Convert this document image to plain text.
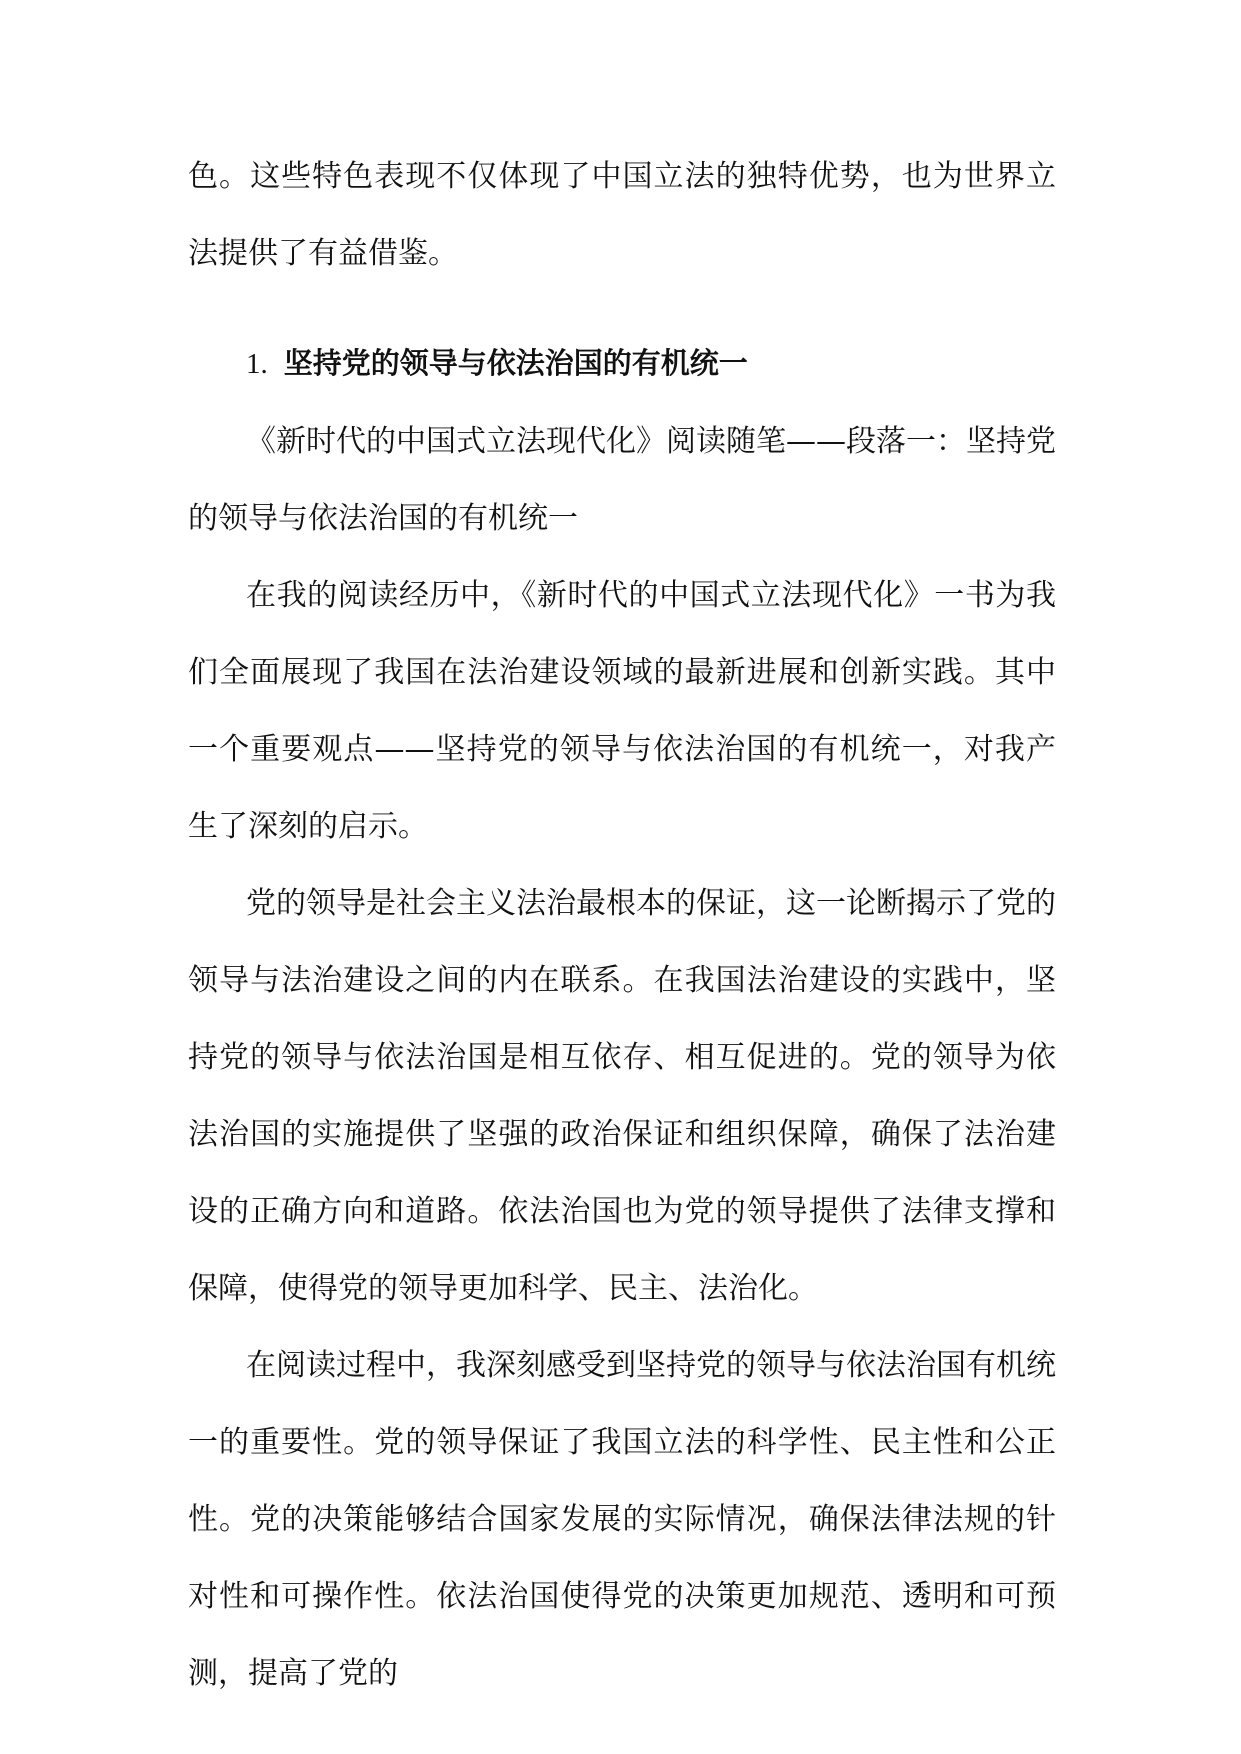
色。这些特色表现不仅体现了中国立法的独特优势，也为世界立法提供了有益借鉴。

1. 坚持党的领导与依法治国的有机统一

《新时代的中国式立法现代化》阅读随笔——段落一：坚持党的领导与依法治国的有机统一

在我的阅读经历中，《新时代的中国式立法现代化》一书为我们全面展现了我国在法治建设领域的最新进展和创新实践。其中一个重要观点——坚持党的领导与依法治国的有机统一，对我产生了深刻的启示。

党的领导是社会主义法治最根本的保证，这一论断揭示了党的领导与法治建设之间的内在联系。在我国法治建设的实践中，坚持党的领导与依法治国是相互依存、相互促进的。党的领导为依法治国的实施提供了坚强的政治保证和组织保障，确保了法治建设的正确方向和道路。依法治国也为党的领导提供了法律支撑和保障，使得党的领导更加科学、民主、法治化。

在阅读过程中，我深刻感受到坚持党的领导与依法治国有机统一的重要性。党的领导保证了我国立法的科学性、民主性和公正性。党的决策能够结合国家发展的实际情况，确保法律法规的针对性和可操作性。依法治国使得党的决策更加规范、透明和可预测，提高了党的
